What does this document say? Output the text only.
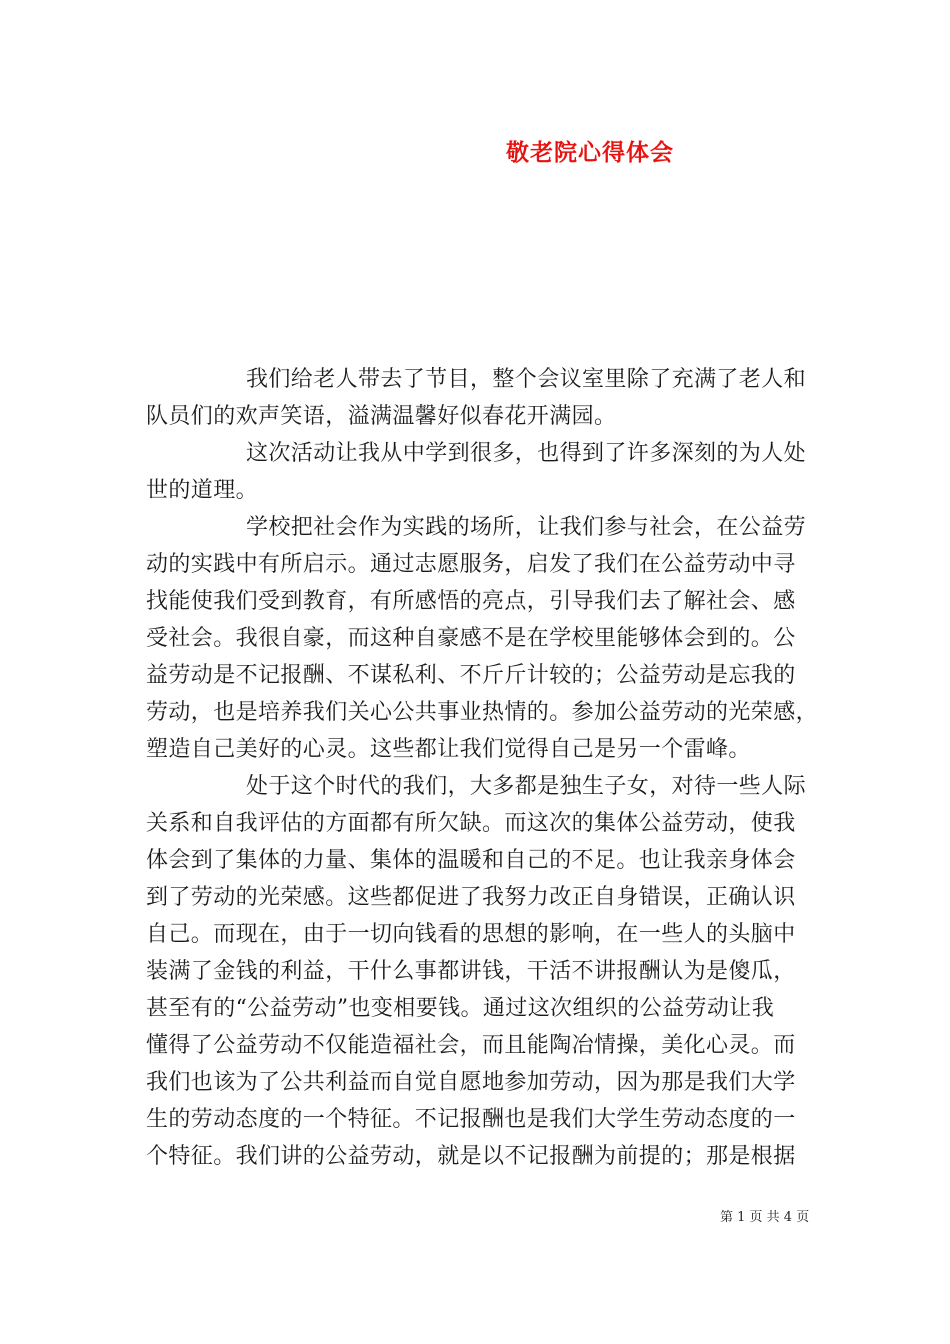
敬老院心得体会
我们给老人带去了节目，整个会议室里除了充满了老人和
队员们的欢声笑语，溢满温馨好似春花开满园。
这次活动让我从中学到很多，也得到了许多深刻的为人处
世的道理。
学校把社会作为实践的场所，让我们参与社会，在公益劳
动的实践中有所启示。通过志愿服务，启发了我们在公益劳动中寻
找能使我们受到教育，有所感悟的亮点，引导我们去了解社会、感
受社会。我很自豪，而这种自豪感不是在学校里能够体会到的。公
益劳动是不记报酬、不谋私利、不斤斤计较的；公益劳动是忘我的
劳动，也是培养我们关心公共事业热情的。参加公益劳动的光荣感，
塑造自己美好的心灵。这些都让我们觉得自己是另一个雷峰。
处于这个时代的我们，大多都是独生子女，对待一些人际
关系和自我评估的方面都有所欠缺。而这次的集体公益劳动，使我
体会到了集体的力量、集体的温暖和自己的不足。也让我亲身体会
到了劳动的光荣感。这些都促进了我努力改正自身错误，正确认识
自己。而现在，由于一切向钱看的思想的影响，在一些人的头脑中
装满了金钱的利益，干什么事都讲钱，干活不讲报酬认为是傻瓜，
甚至有的“公益劳动”也变相要钱。通过这次组织的公益劳动让我
懂得了公益劳动不仅能造福社会，而且能陶冶情操，美化心灵。而
我们也该为了公共利益而自觉自愿地参加劳动，因为那是我们大学
生的劳动态度的一个特征。不记报酬也是我们大学生劳动态度的一
个特征。我们讲的公益劳动，就是以不记报酬为前提的；那是根据
第 1 页 共 4 页
